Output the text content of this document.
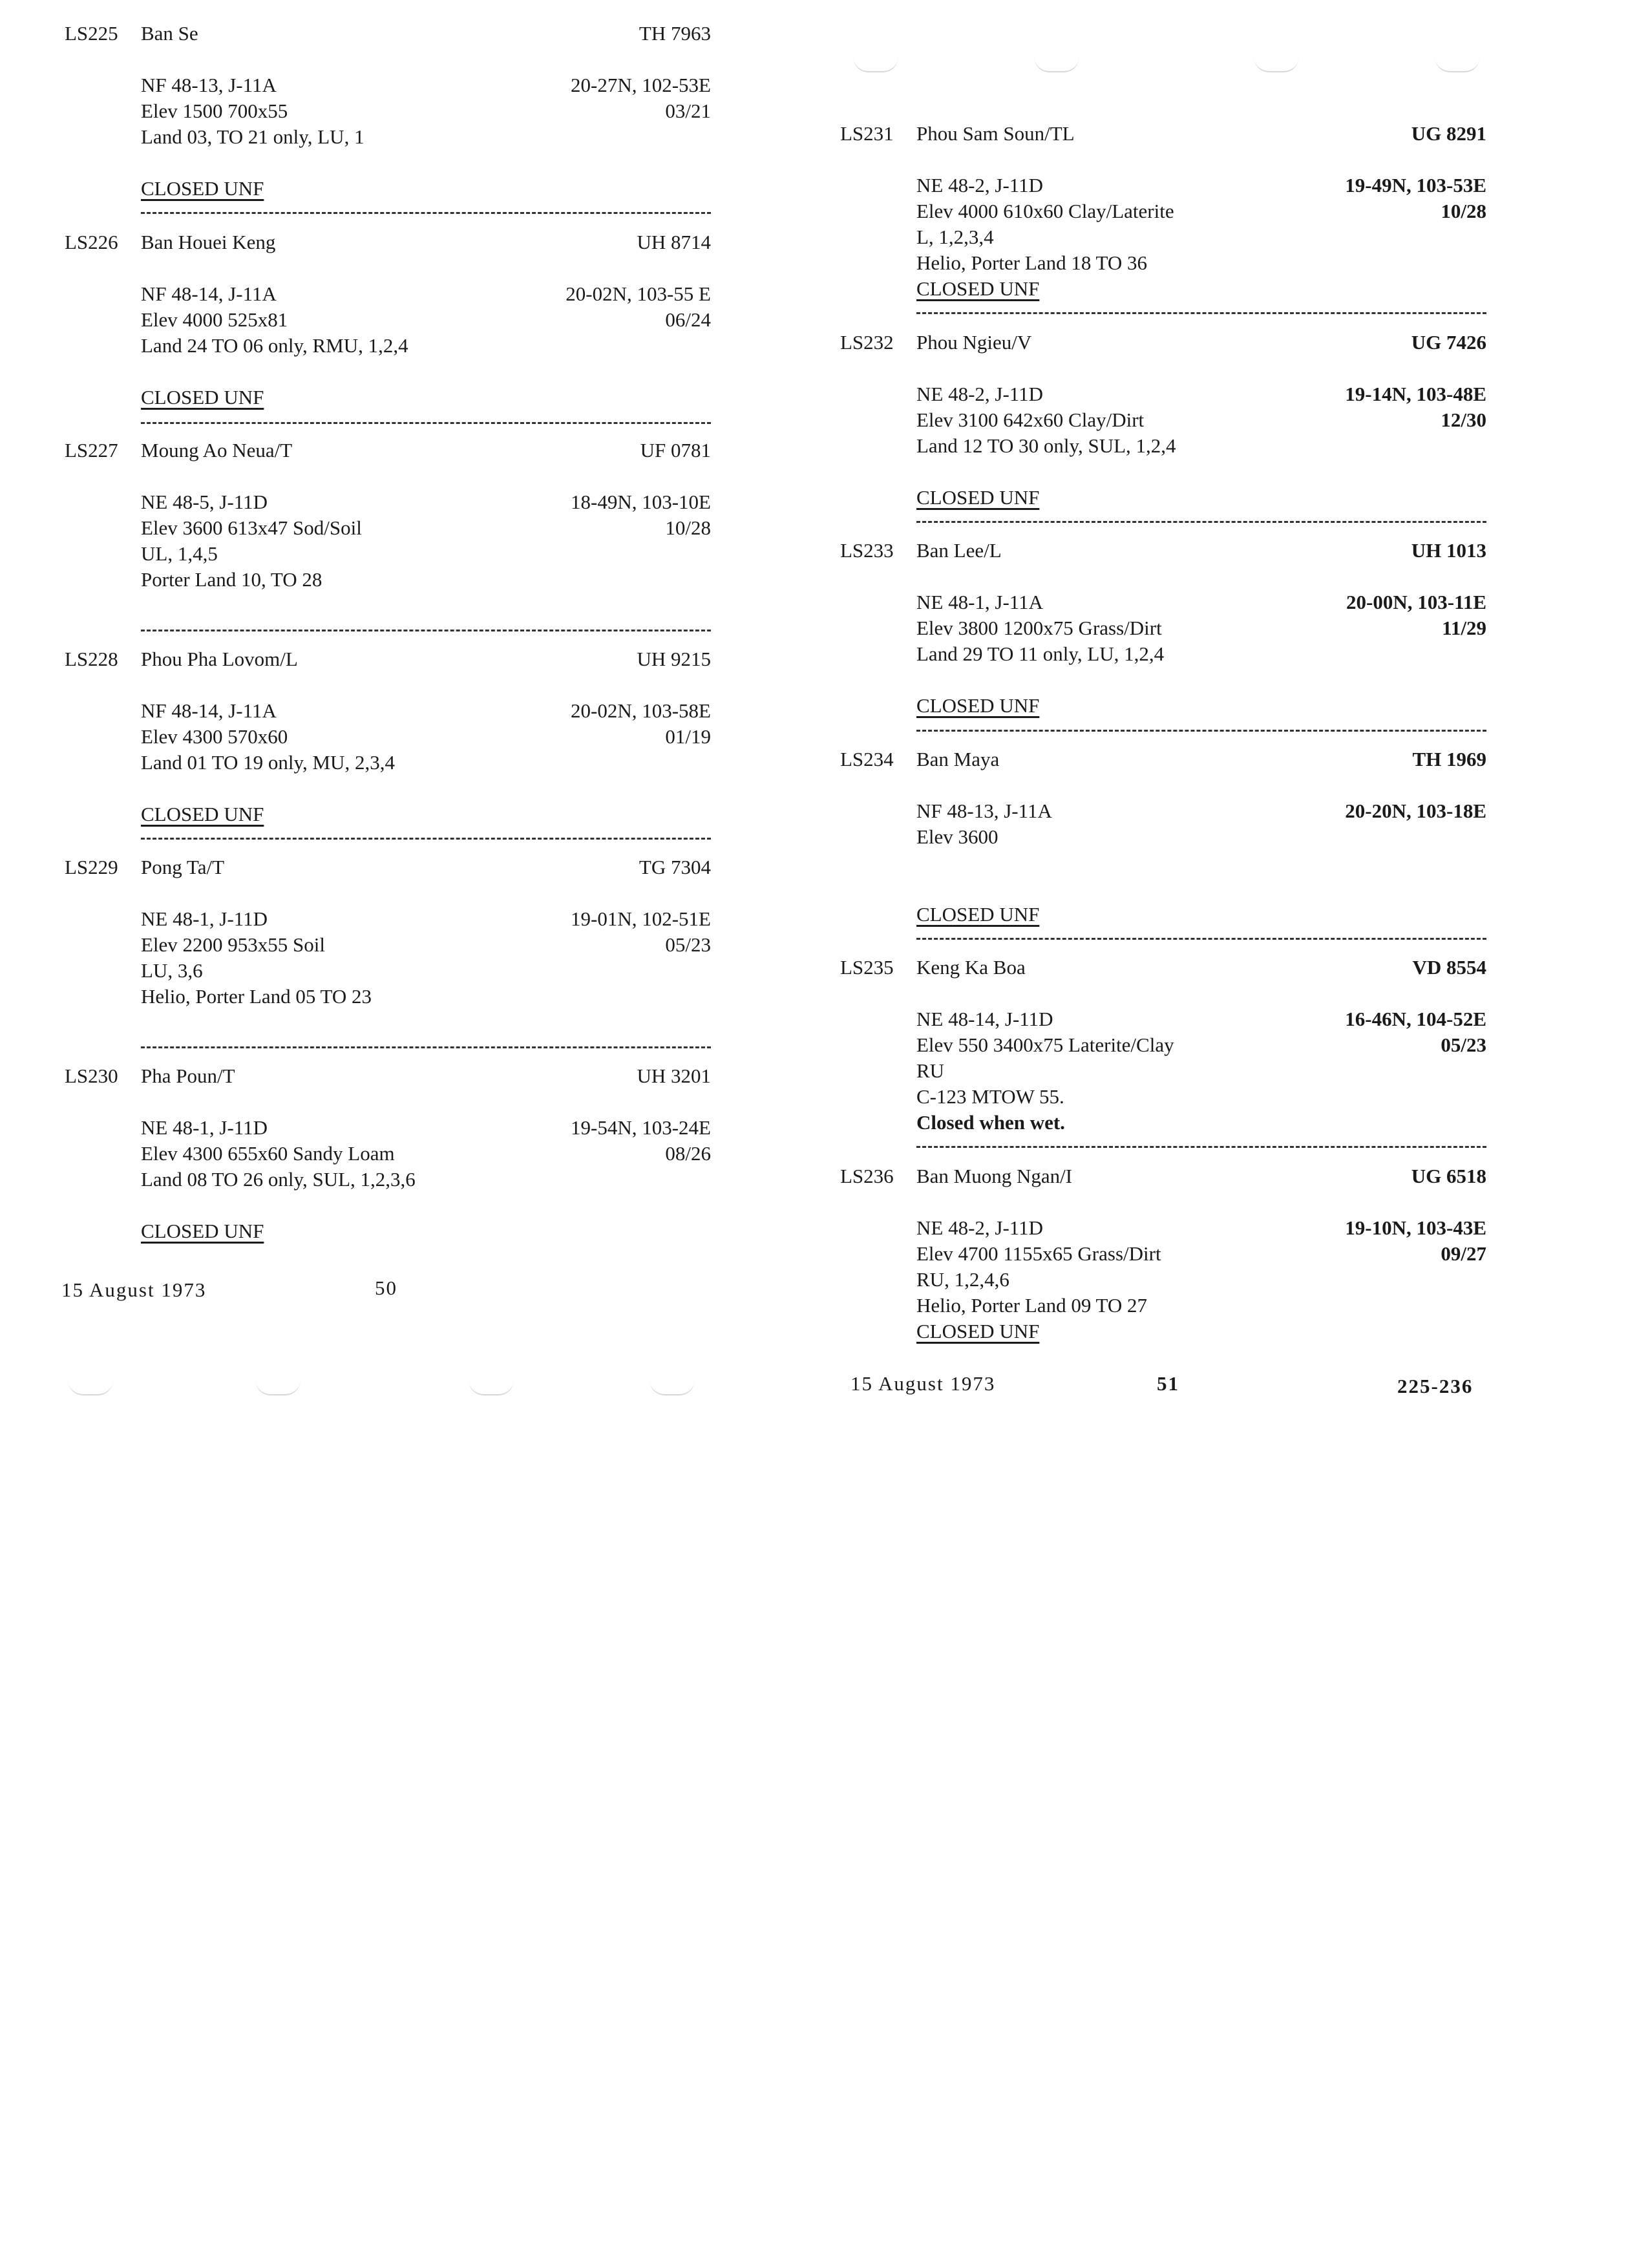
LS225 Ban Se	TH 7963
NF 48-13, J-11A	20-27N, 102-53E
Elev 1500 700x55	03/21
Land 03, TO 21 only, LU, 1
CLOSED UNF
LS226 Ban Houei Keng	UH 8714
NF 48-14, J-11A	20-02N, 103-55 E
Elev 4000 525x81	06/24
Land 24 TO 06 only, RMU, 1,2,4
CLOSED UNF
LS227 Moung Ao Neua/T	UF 0781
NE 48-5, J-11D	18-49N, 103-10E
Elev 3600 613x47 Sod/Soil	10/28
UL, 1,4,5
Porter Land 10, TO 28
LS228 Phou Pha Lovom/L	UH 9215
NF 48-14, J-11A	20-02N, 103-58E
Elev 4300 570x60	01/19
Land 01 TO 19 only, MU, 2,3,4
CLOSED UNF
LS229 Pong Ta/T	TG 7304
NE 48-1, J-11D	19-01N, 102-51E
Elev 2200 953x55 Soil	05/23
LU, 3,6
Helio, Porter Land 05 TO 23
LS230 Pha Poun/T	UH 3201
NE 48-1, J-11D	19-54N, 103-24E
Elev 4300 655x60 Sandy Loam	08/26
Land 08 TO 26 only, SUL, 1,2,3,6
CLOSED UNF
15 August 1973	50
LS231 Phou Sam Soun/TL	UG 8291
NE 48-2, J-11D	19-49N, 103-53E
Elev 4000 610x60 Clay/Laterite	10/28
L, 1,2,3,4
Helio, Porter Land 18 TO 36
CLOSED UNF
LS232 Phou Ngieu/V	UG 7426
NE 48-2, J-11D	19-14N, 103-48E
Elev 3100 642x60 Clay/Dirt	12/30
Land 12 TO 30 only, SUL, 1,2,4
CLOSED UNF
LS233 Ban Lee/L	UH 1013
NE 48-1, J-11A	20-00N, 103-11E
Elev 3800 1200x75 Grass/Dirt	11/29
Land 29 TO 11 only, LU, 1,2,4
CLOSED UNF
LS234 Ban Maya	TH 1969
NF 48-13, J-11A	20-20N, 103-18E
Elev 3600
CLOSED UNF
LS235 Keng Ka Boa	VD 8554
NE 48-14, J-11D	16-46N, 104-52E
Elev 550 3400x75 Laterite/Clay	05/23
RU
C-123 MTOW 55.
Closed when wet.
LS236 Ban Muong Ngan/I	UG 6518
NE 48-2, J-11D	19-10N, 103-43E
Elev 4700 1155x65 Grass/Dirt	09/27
RU, 1,2,4,6
Helio, Porter Land 09 TO 27
CLOSED UNF
15 August 1973	51	225-236
